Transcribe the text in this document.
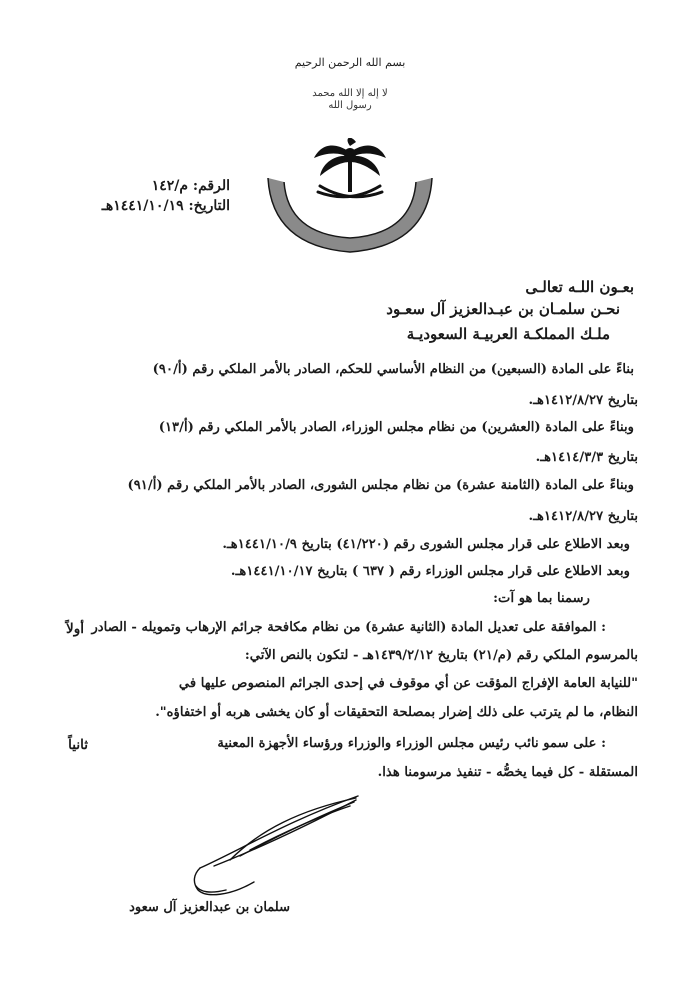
بسم الله الرحمن الرحيم
لا إله إلا الله محمد رسول الله
الرقم: م/١٤٢
التاريخ: ١٤٤١/١٠/١٩هـ
بعـون اللـه تعالـى
نحـن سلمـان بن عبـدالعزيز آل سعـود
ملـك المملكـة العربيـة السعوديـة
بناءً على المادة (السبعين) من النظام الأساسي للحكم، الصادر بالأمر الملكي رقم (أ/٩٠)
بتاريخ ١٤١٢/٨/٢٧هـ.
وبناءً على المادة (العشرين) من نظام مجلس الوزراء، الصادر بالأمر الملكي رقم (أ/١٣)
بتاريخ ١٤١٤/٣/٣هـ.
وبناءً على المادة (الثامنة عشرة) من نظام مجلس الشورى، الصادر بالأمر الملكي رقم (أ/٩١)
بتاريخ ١٤١٢/٨/٢٧هـ.
وبعد الاطلاع على قرار مجلس الشورى رقم (٤١/٢٢٠) بتاريخ ١٤٤١/١٠/٩هـ.
وبعد الاطلاع على قرار مجلس الوزراء رقم ( ٦٣٧ ) بتاريخ ١٤٤١/١٠/١٧هـ.
رسمنا بما هو آت:
أولاً : الموافقة على تعديل المادة (الثانية عشرة) من نظام مكافحة جرائم الإرهاب وتمويله - الصادر
بالمرسوم الملكي رقم (م/٢١) بتاريخ ١٤٣٩/٢/١٢هـ - لتكون بالنص الآتي:
"للنيابة العامة الإفراج المؤقت عن أي موقوف في إحدى الجرائم المنصوص عليها في
النظام، ما لم يترتب على ذلك إضرار بمصلحة التحقيقات أو كان يخشى هربه أو اختفاؤه".
ثانياً	: على سمو نائب رئيس مجلس الوزراء والوزراء ورؤساء الأجهزة المعنية
المستقلة - كل فيما يخصُّه - تنفيذ مرسومنا هذا.
سلمان بن عبدالعزيز آل سعود
